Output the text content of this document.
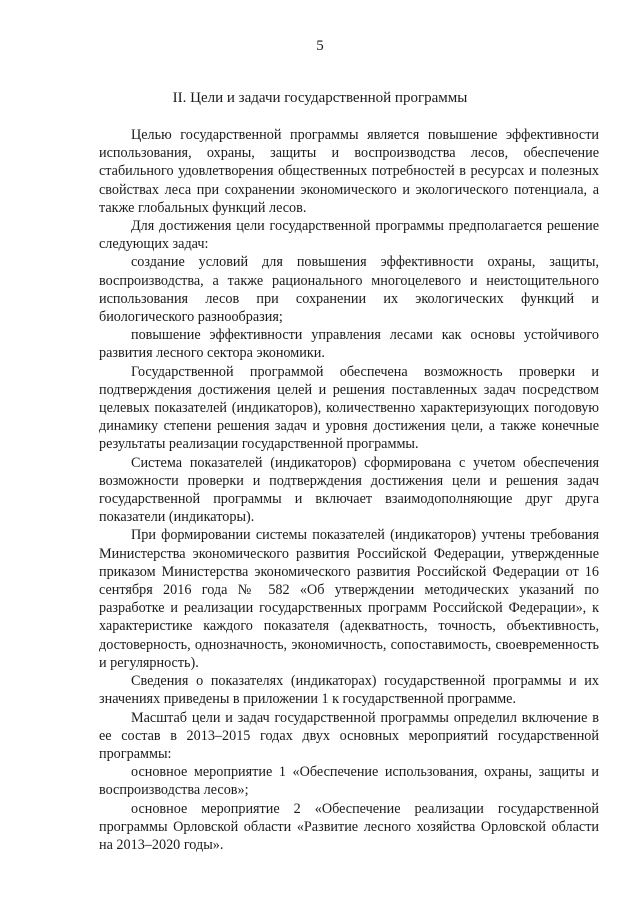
5
II. Цели и задачи государственной программы

Целью государственной программы является повышение эффективности использования, охраны, защиты и воспроизводства лесов, обеспечение стабильного удовлетворения общественных потребностей в ресурсах и полезных свойствах леса при сохранении экономического и экологического потенциала, а также глобальных функций лесов.

Для достижения цели государственной программы предполагается решение следующих задач:

создание условий для повышения эффективности охраны, защиты, воспроизводства, а также рационального многоцелевого и неистощительного использования лесов при сохранении их экологических функций и биологического разнообразия;

повышение эффективности управления лесами как основы устойчивого развития лесного сектора экономики.

Государственной программой обеспечена возможность проверки и подтверждения достижения целей и решения поставленных задач посредством целевых показателей (индикаторов), количественно характеризующих погодовую динамику степени решения задач и уровня достижения цели, а также конечные результаты реализации государственной программы.

Система показателей (индикаторов) сформирована с учетом обеспечения возможности проверки и подтверждения достижения цели и решения задач государственной программы и включает взаимодополняющие друг друга показатели (индикаторы).

При формировании системы показателей (индикаторов) учтены требования Министерства экономического развития Российской Федерации, утвержденные приказом Министерства экономического развития Российской Федерации от 16 сентября 2016 года № 582 «Об утверждении методических указаний по разработке и реализации государственных программ Российской Федерации», к характеристике каждого показателя (адекватность, точность, объективность, достоверность, однозначность, экономичность, сопоставимость, своевременность и регулярность).

Сведения о показателях (индикаторах) государственной программы и их значениях приведены в приложении 1 к государственной программе.

Масштаб цели и задач государственной программы определил включение в ее состав в 2013–2015 годах двух основных мероприятий государственной программы:

основное мероприятие 1 «Обеспечение использования, охраны, защиты и воспроизводства лесов»;

основное мероприятие 2 «Обеспечение реализации государственной программы Орловской области «Развитие лесного хозяйства Орловской области на 2013–2020 годы».
